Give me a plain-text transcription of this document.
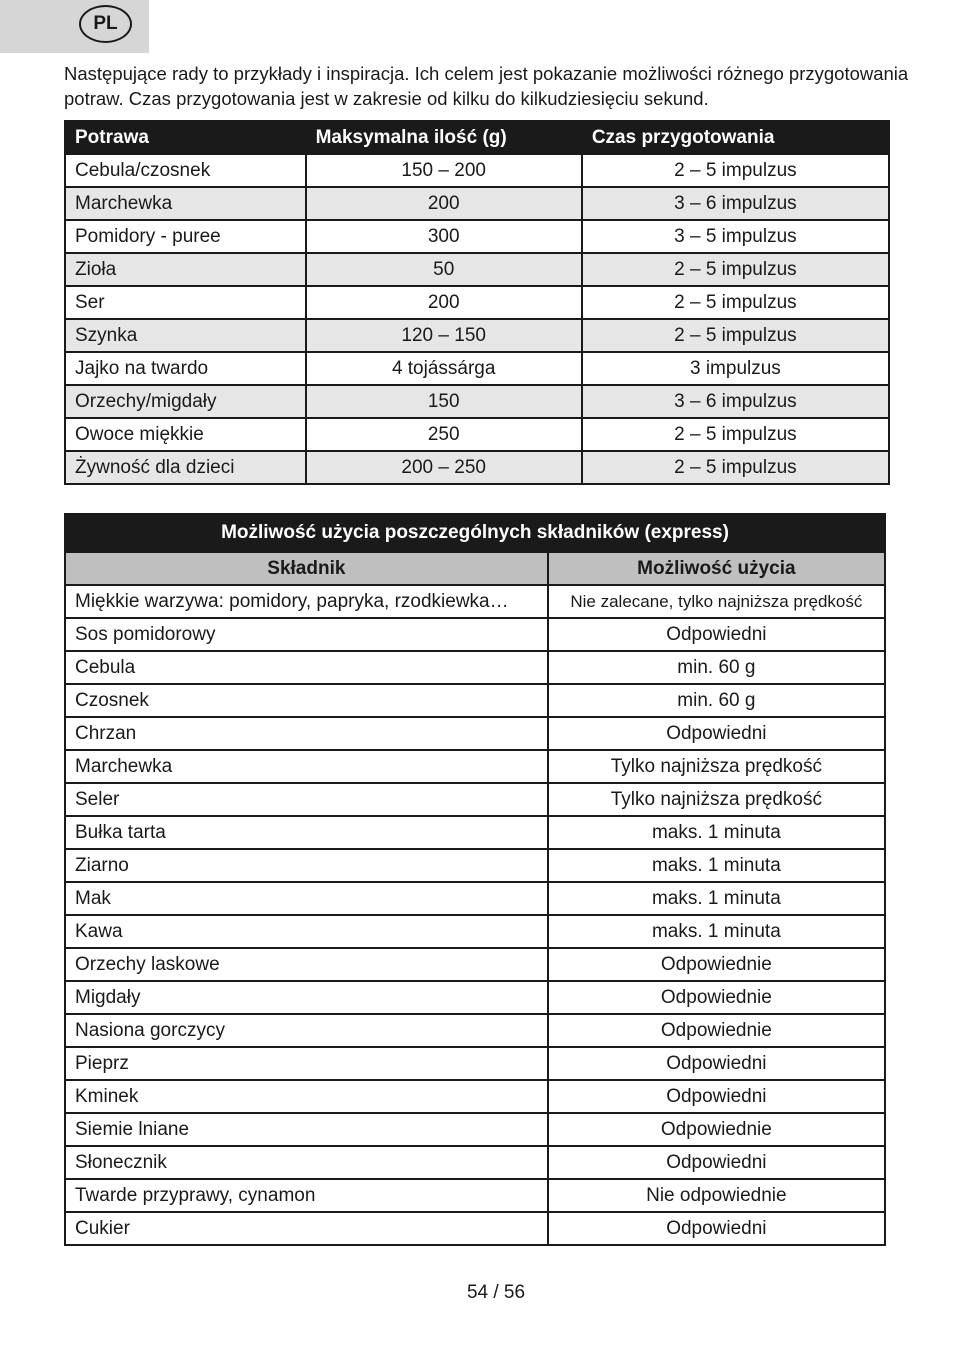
PL
Następujące rady to przykłady i inspiracja. Ich celem jest pokazanie możliwości różnego przygotowania potraw. Czas przygotowania jest w zakresie od kilku do kilkudziesięciu sekund.
Potrawa	Maksymalna ilość (g)	Czas przygotowania
Cebula/czosnek	150 – 200	2 – 5 impulzus
Marchewka	200	3 – 6 impulzus
Pomidory - puree	300	3 – 5 impulzus
Zioła	50	2 – 5 impulzus
Ser	200	2 – 5 impulzus
Szynka	120 – 150	2 – 5 impulzus
Jajko na twardo	4 tojássárga	3 impulzus
Orzechy/migdały	150	3 – 6 impulzus
Owoce miękkie	250	2 – 5 impulzus
Żywność dla dzieci	200 – 250	2 – 5 impulzus
Możliwość użycia poszczególnych składników (express)	
Składnik	Możliwość użycia
Miękkie warzywa: pomidory, papryka, rzodkiewka…	Nie zalecane, tylko najniższa prędkość
Sos pomidorowy	Odpowiedni
Cebula	min. 60 g
Czosnek	min. 60 g
Chrzan	Odpowiedni
Marchewka	Tylko najniższa prędkość
Seler	Tylko najniższa prędkość
Bułka tarta	maks. 1 minuta
Ziarno	maks. 1 minuta
Mak	maks. 1 minuta
Kawa	maks. 1 minuta
Orzechy laskowe	Odpowiednie
Migdały	Odpowiednie
Nasiona gorczycy	Odpowiednie
Pieprz	Odpowiedni
Kminek	Odpowiedni
Siemie lniane	Odpowiednie
Słonecznik	Odpowiedni
Twarde przyprawy, cynamon	Nie odpowiednie
Cukier	Odpowiedni
54 / 56
